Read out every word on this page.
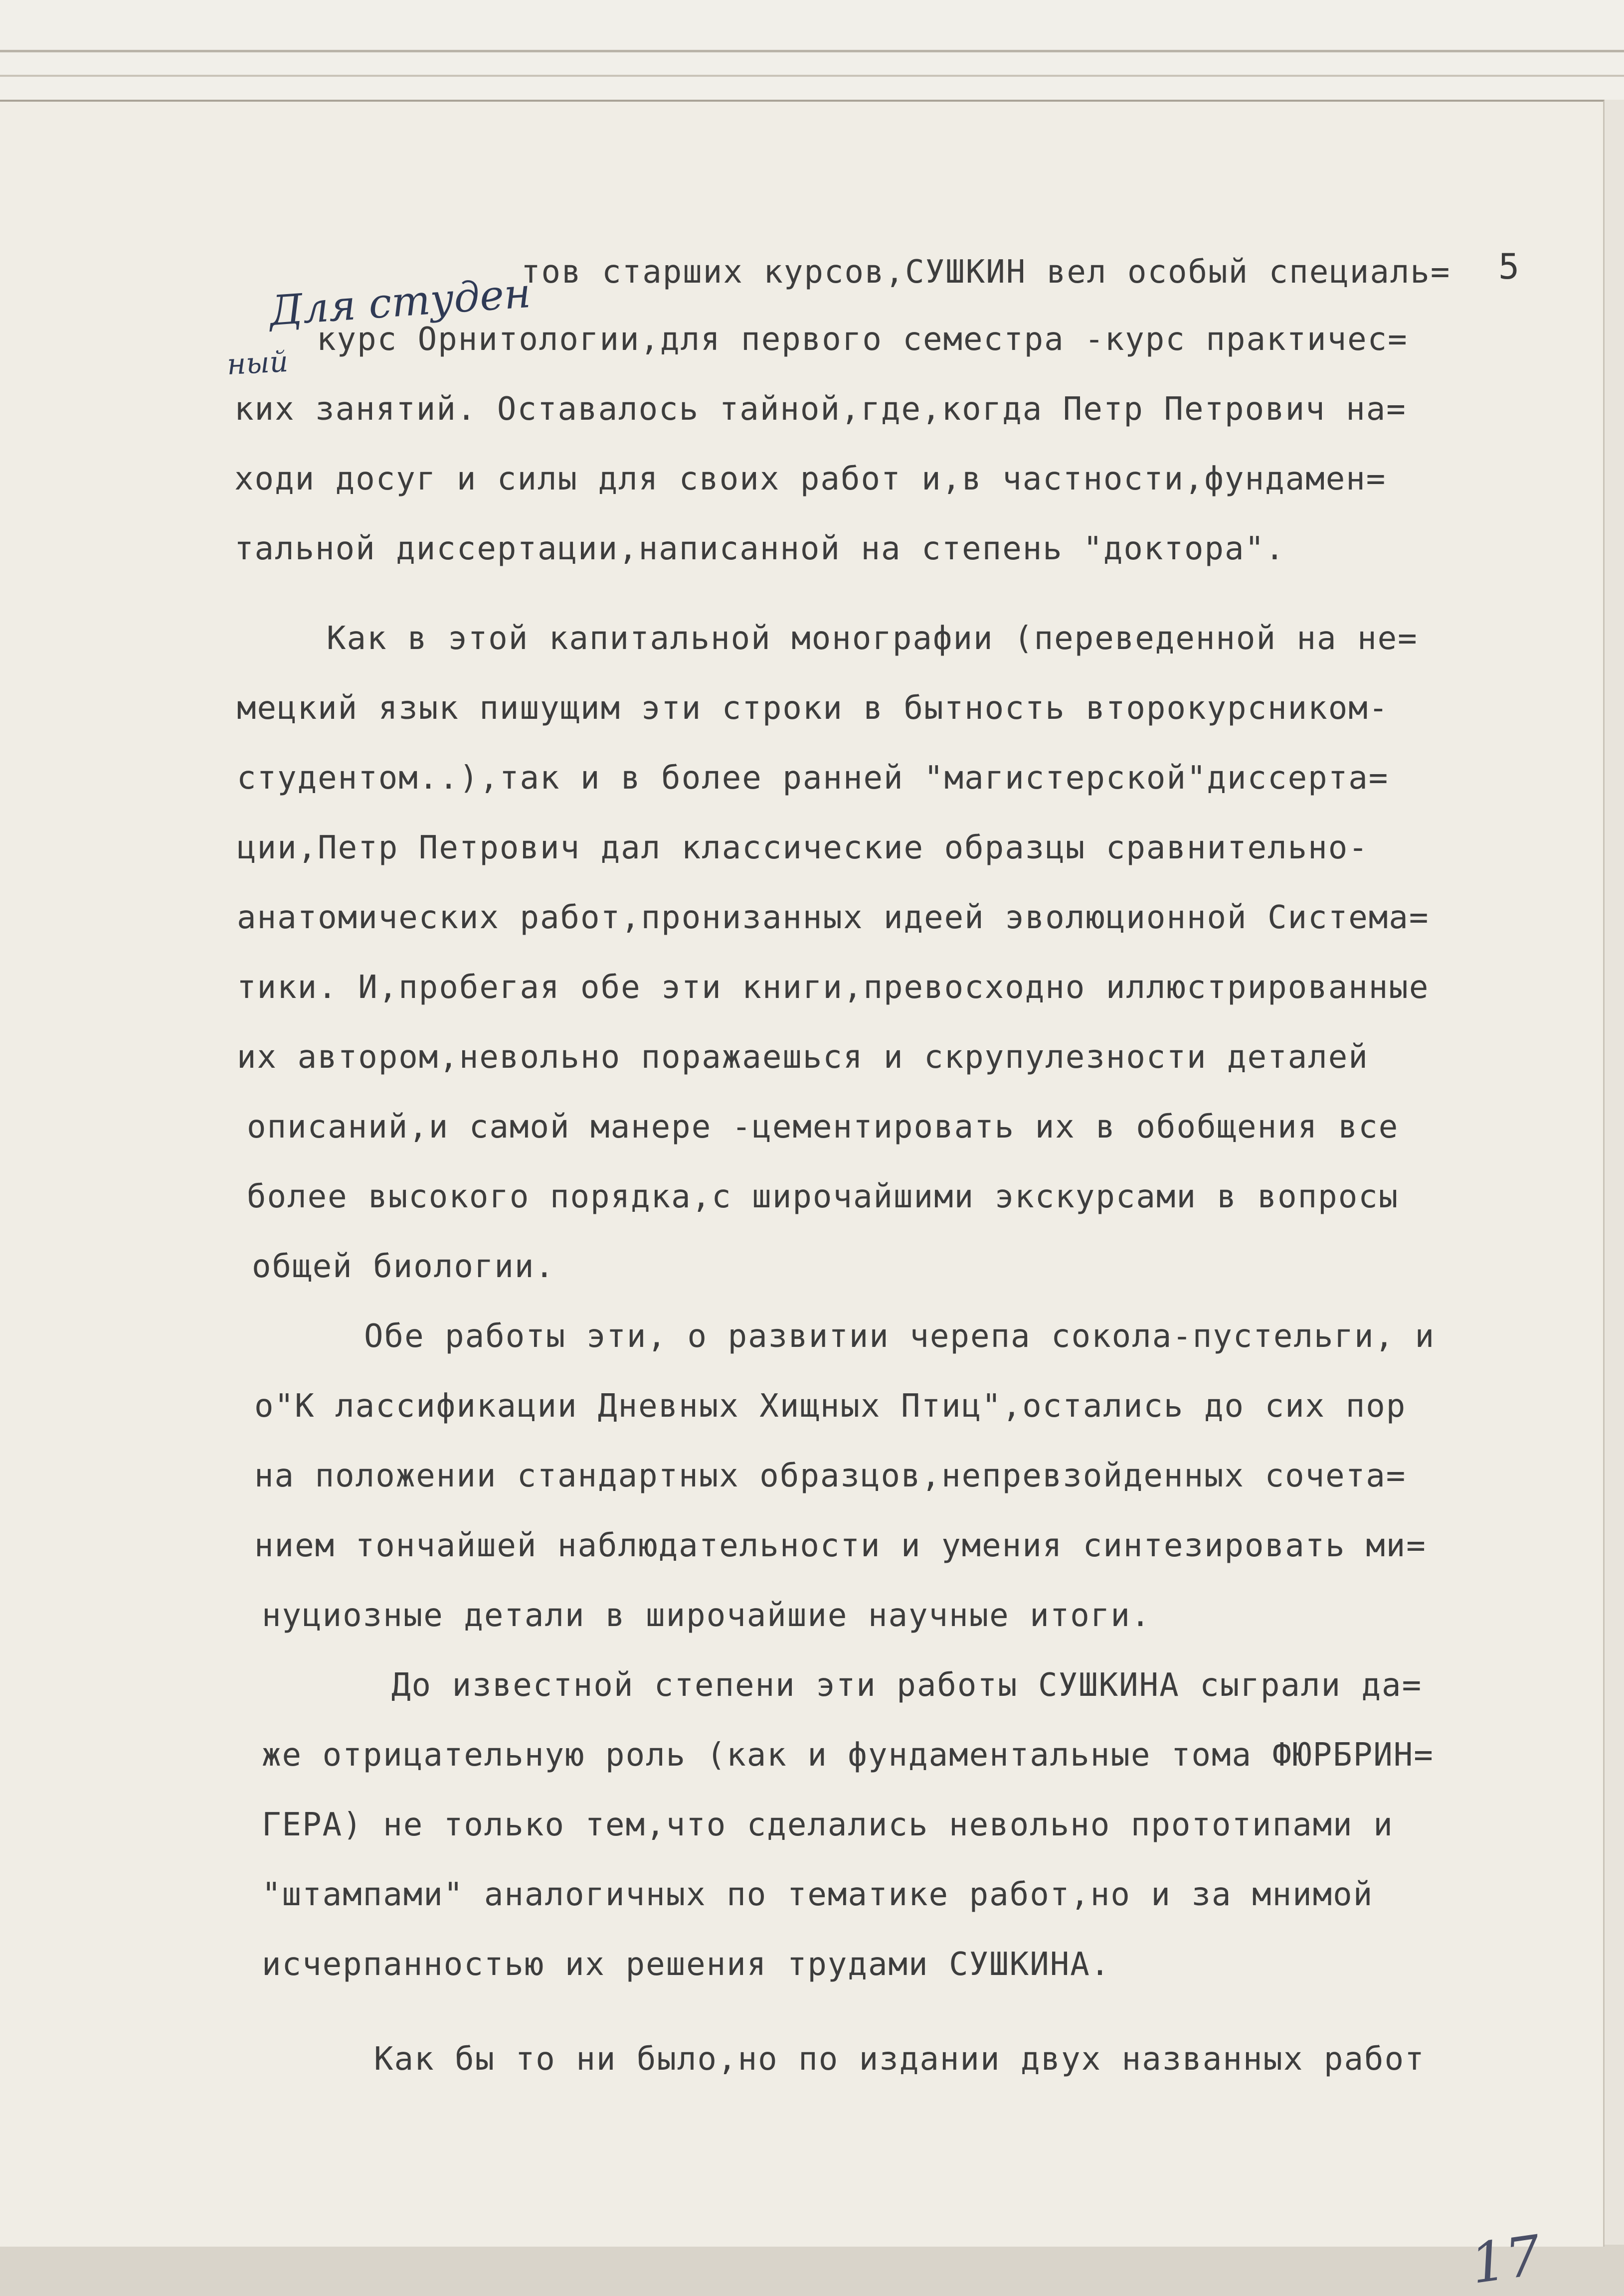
5
Для студен
ный

тов старших курсов,СУШКИН вел особый специаль=

курс Орнитологии,для первого семестра -курс практичес=

ких занятий. Оставалось тайной,где,когда Петр Петрович на=

ходи досуг и силы для своих работ и,в частности,фундамен=

тальной диссертации,написанной на степень "доктора".

Как в этой капитальной монографии (переведенной на не=

мецкий язык пишущим эти строки в бытность второкурсником-

студентом..),так и в более ранней "магистерской"диссерта=

ции,Петр Петрович дал классические образцы сравнительно-

анатомических работ,пронизанных идеей эволюционной Система=

тики. И,пробегая обе эти книги,превосходно иллюстрированные

их автором,невольно поражаешься и скрупулезности деталей

описаний,и самой манере -цементировать их в обобщения все

более высокого порядка,с широчайшими экскурсами в вопросы

общей биологии.

Обе работы эти, о развитии черепа сокола-пустельги, и

о"К лассификации Дневных Хищных Птиц",остались до сих пор

на положении стандартных образцов,непревзойденных сочета=

нием тончайшей наблюдательности и умения синтезировать ми=

нуциозные детали в широчайшие научные итоги.

До известной степени эти работы СУШКИНА сыграли да=

же отрицательную роль (как и фундаментальные тома ФЮРБРИН=

ГЕРА) не только тем,что сделались невольно прототипами и

"штампами" аналогичных по тематике работ,но и за мнимой

исчерпанностью их решения трудами СУШКИНА.

Как бы то ни было,но по издании двух названных работ

17
